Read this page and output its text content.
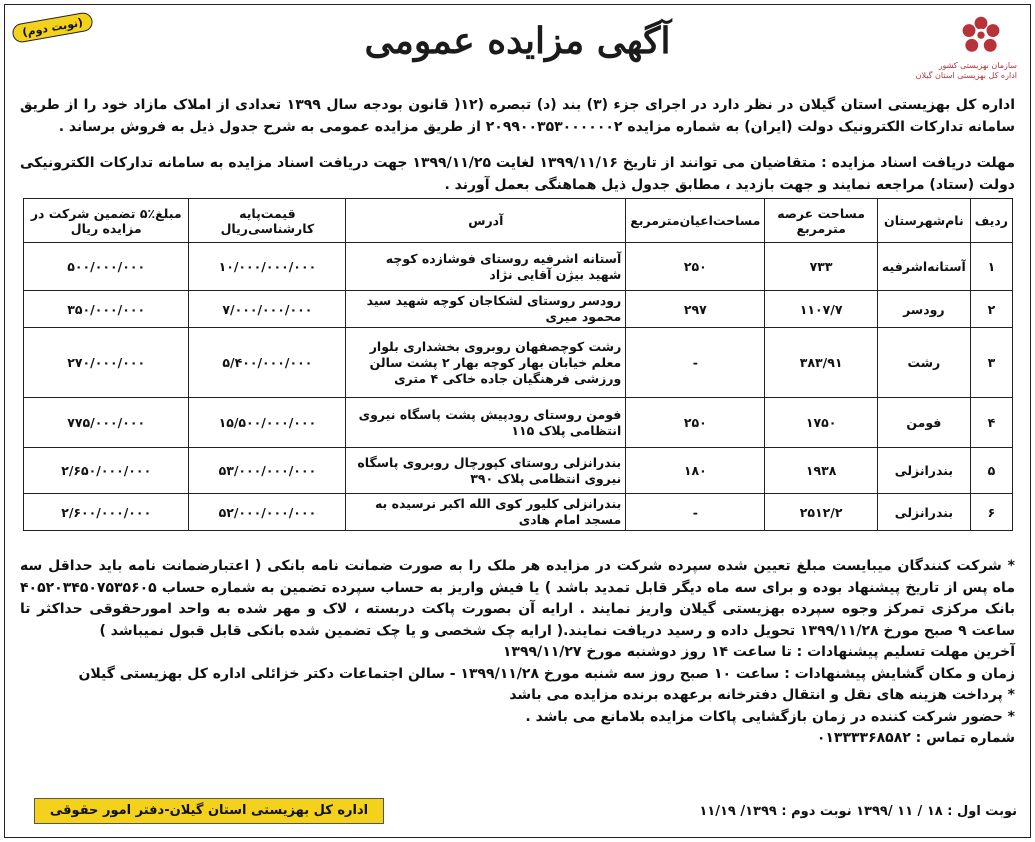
سازمان بهزیستی کشور
اداره کل بهزیستی استان گیلان
آگهی مزایده عمومی
(نوبت دوم)
اداره کل بهزیستی استان گیلان در نظر دارد در اجرای جزء (۳) بند (د) تبصره (۱۲( قانون بودجه سال ۱۳۹۹ تعدادی از املاک مازاد خود را از طریق سامانه تدارکات الکترونیک دولت (ایران) به شماره مزایده ۲۰۹۹۰۰۳۵۳۰۰۰۰۰۰۲ از طریق مزایده عمومی به شرح جدول ذیل به فروش برساند .
مهلت دریافت اسناد مزایده : متقاضیان می توانند از تاریخ ۱۳۹۹/۱۱/۱۶ لغایت ۱۳۹۹/۱۱/۲۵ جهت دریافت اسناد مزایده به سامانه تدارکات الکترونیکی دولت (ستاد) مراجعه نمایند و جهت بازدید ، مطابق جدول ذیل هماهنگی بعمل آورند .
ردیف	نام‌شهرستان	مساحت عرصه مترمربع	مساحت‌اعیان‌مترمربع	آدرس	قیمت‌پایه کارشناسی‌ریال	مبلغ٪۵ تضمین شرکت در مزایده ریال
۱	آستانه‌اشرفیه	۷۳۳	۲۵۰	آستانه اشرفیه روستای فوشازده کوچه شهید بیژن آقایی نژاد	۱۰/۰۰۰/۰۰۰/۰۰۰	۵۰۰/۰۰۰/۰۰۰
۲	رودسر	۱۱۰۷/۷	۲۹۷	رودسر روستای لشکاجان کوچه شهید سید محمود میری	۷/۰۰۰/۰۰۰/۰۰۰	۳۵۰/۰۰۰/۰۰۰
۳	رشت	۳۸۳/۹۱	-	رشت کوچصفهان روبروی بخشداری بلوار معلم خیابان بهار کوچه بهار ۲ پشت سالن ورزشی فرهنگیان جاده خاکی ۴ متری	۵/۴۰۰/۰۰۰/۰۰۰	۲۷۰/۰۰۰/۰۰۰
۴	فومن	۱۷۵۰	۲۵۰	فومن روستای رودپیش پشت پاسگاه نیروی انتظامی پلاک ۱۱۵	۱۵/۵۰۰/۰۰۰/۰۰۰	۷۷۵/۰۰۰/۰۰۰
۵	بندرانزلی	۱۹۳۸	۱۸۰	بندرانزلی روستای کپورچال روبروی پاسگاه نیروی انتظامی پلاک ۳۹۰	۵۳/۰۰۰/۰۰۰/۰۰۰	۲/۶۵۰/۰۰۰/۰۰۰
۶	بندرانزلی	۲۵۱۲/۲	-	بندرانزلی کلیور کوی الله اکبر نرسیده به مسجد امام هادی	۵۲/۰۰۰/۰۰۰/۰۰۰	۲/۶۰۰/۰۰۰/۰۰۰

* شرکت کنندگان میبایست مبلغ تعیین شده سپرده شرکت در مزایده هر ملک را به صورت ضمانت نامه بانکی ( اعتبارضمانت نامه باید حداقل سه ماه پس از تاریخ پیشنهاد بوده و برای سه ماه دیگر قابل تمدید باشد ) یا فیش واریز به حساب سپرده تضمین به شماره حساب ۴۰۵۲۰۳۴۵۰۷۵۳۵۶۰۵ بانک مرکزی تمرکز وجوه سپرده بهزیستی گیلان واریز نمایند . ارایه آن بصورت پاکت دربسته ، لاک و مهر شده به واحد امورحقوقی حداکثر تا ساعت ۹ صبح مورخ ۱۳۹۹/۱۱/۲۸ تحویل داده و رسید دریافت نمایند.( ارایه چک شخصی و یا چک تضمین شده بانکی قابل قبول نمیباشد )

آخرین مهلت تسلیم پیشنهادات : تا ساعت ۱۴ روز دوشنبه مورخ ۱۳۹۹/۱۱/۲۷

زمان و مکان گشایش پیشنهادات : ساعت ۱۰ صبح روز سه شنبه مورخ ۱۳۹۹/۱۱/۲۸ - سالن اجتماعات دکتر خزائلی اداره کل بهزیستی گیلان

* پرداخت هزینه های نقل و انتقال دفترخانه برعهده برنده مزایده می باشد

* حضور شرکت کننده در زمان بازگشایی پاکات مزایده بلامانع می باشد .

شماره تماس : ۰۱۳۳۳۳۶۸۵۸۲

نوبت اول : ۱۸ / ۱۱ /۱۳۹۹ نوبت دوم : ۱۳۹۹/ ۱۱/۱۹
اداره کل بهزیستی استان گیلان-دفتر امور حقوقی
